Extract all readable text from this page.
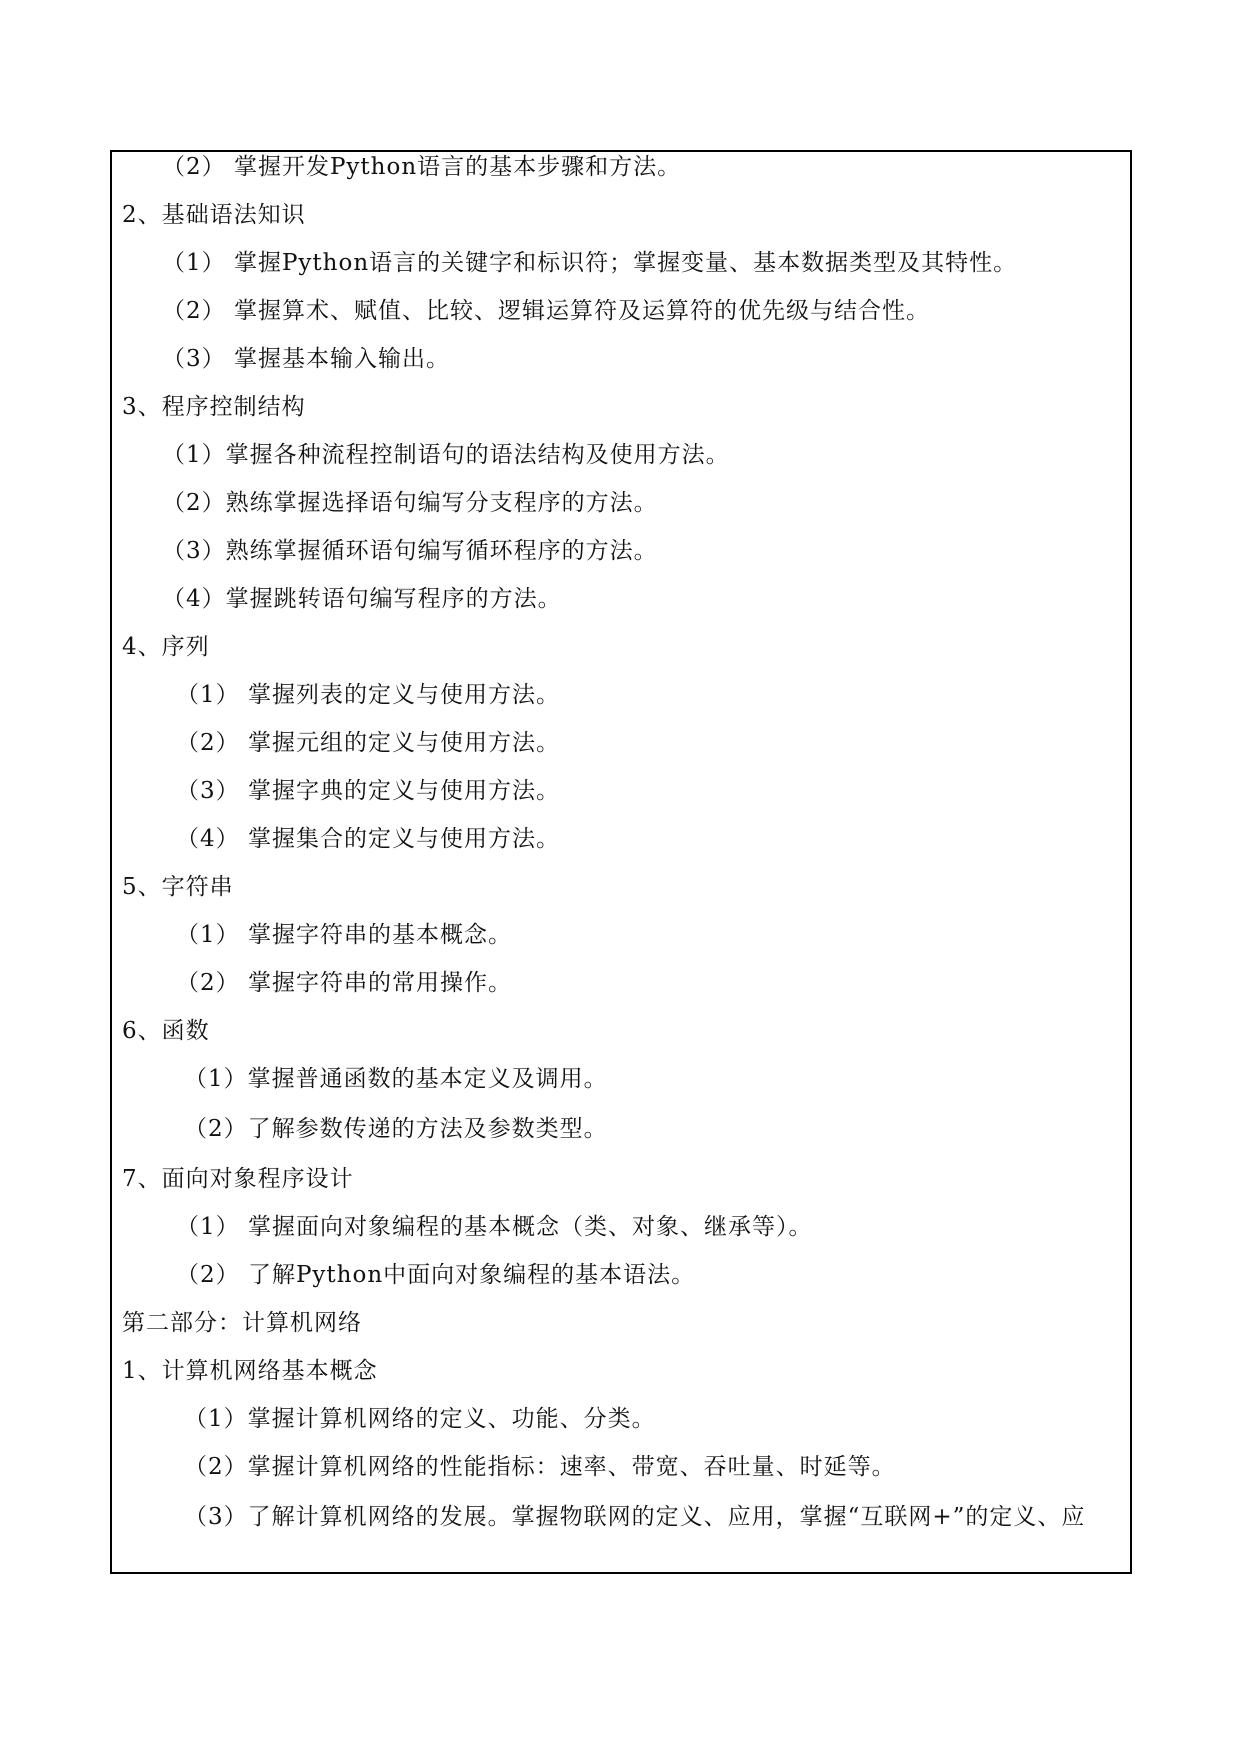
（2） 掌握开发Python语言的基本步骤和方法。
2、基础语法知识
（1） 掌握Python语言的关键字和标识符；掌握变量、基本数据类型及其特性。
（2） 掌握算术、赋值、比较、逻辑运算符及运算符的优先级与结合性。
（3） 掌握基本输入输出。
3、程序控制结构
（1）掌握各种流程控制语句的语法结构及使用方法。
（2）熟练掌握选择语句编写分支程序的方法。
（3）熟练掌握循环语句编写循环程序的方法。
（4）掌握跳转语句编写程序的方法。
4、序列
（1） 掌握列表的定义与使用方法。
（2） 掌握元组的定义与使用方法。
（3） 掌握字典的定义与使用方法。
（4） 掌握集合的定义与使用方法。
5、字符串
（1） 掌握字符串的基本概念。
（2） 掌握字符串的常用操作。
6、函数
（1）掌握普通函数的基本定义及调用。
（2）了解参数传递的方法及参数类型。
7、面向对象程序设计
（1） 掌握面向对象编程的基本概念（类、对象、继承等）。
（2） 了解Python中面向对象编程的基本语法。
第二部分：计算机网络
1、计算机网络基本概念
（1）掌握计算机网络的定义、功能、分类。
（2）掌握计算机网络的性能指标：速率、带宽、吞吐量、时延等。
（3）了解计算机网络的发展。掌握物联网的定义、应用，掌握“互联网+”的定义、应
